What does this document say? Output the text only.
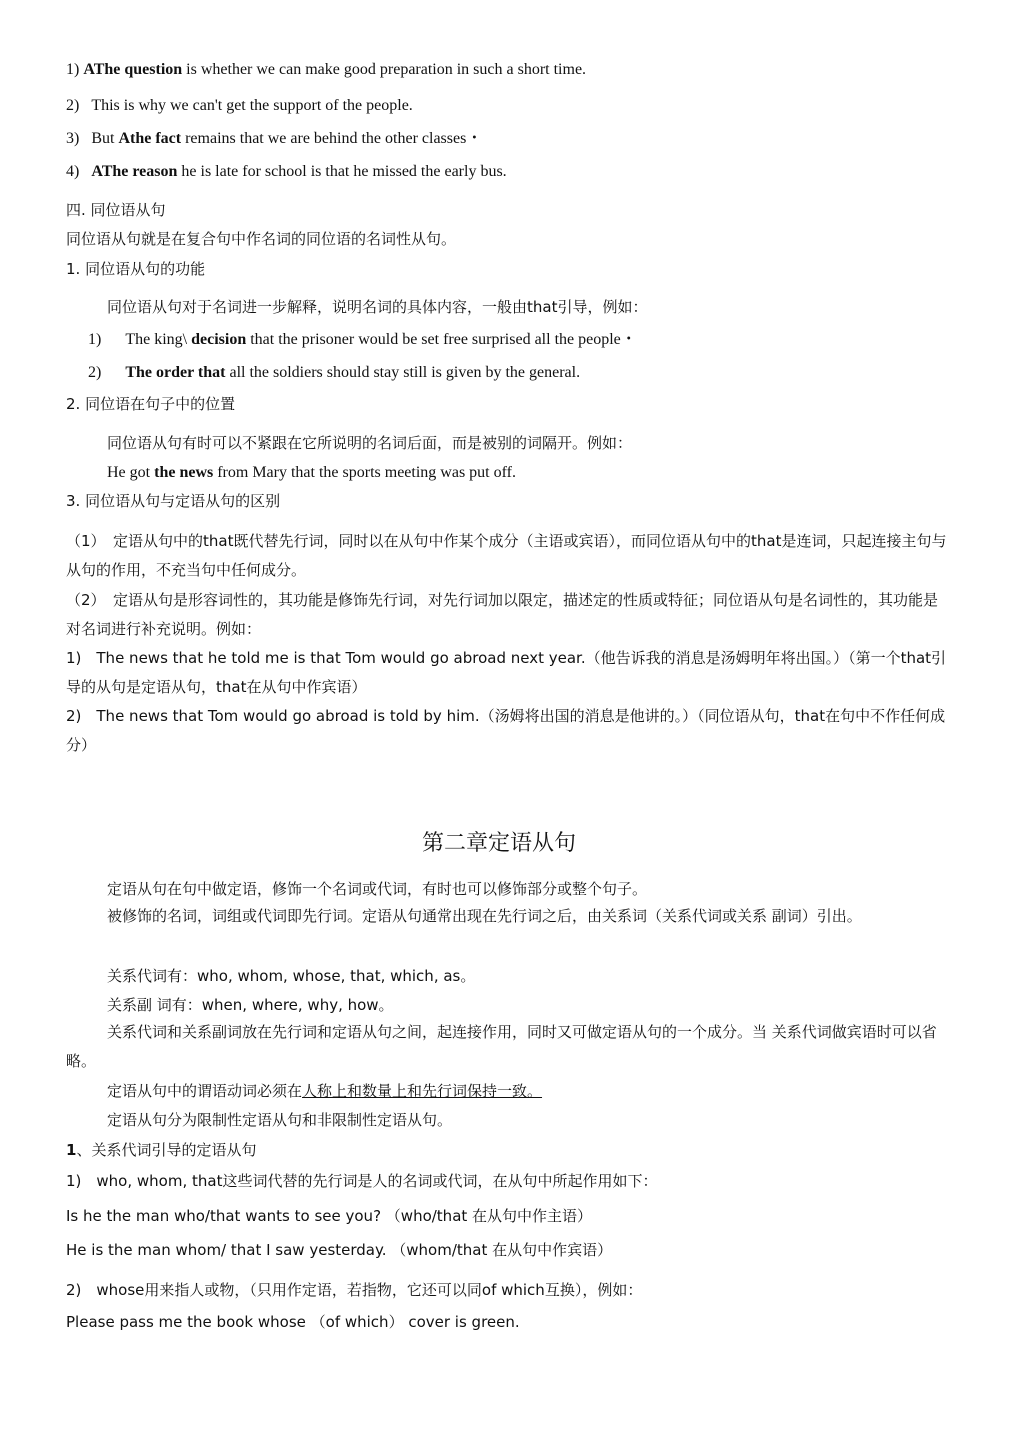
1) AThe question is whether we can make good preparation in such a short time.
2) This is why we can't get the support of the people.
3) But Athe fact remains that we are behind the other classes・
4) AThe reason he is late for school is that he missed the early bus.
四. 同位语从句
同位语从句就是在复合句中作名词的同位语的名词性从句。
1. 同位语从句的功能
同位语从句对于名词进一步解释，说明名词的具体内容，一般由that引导，例如：
1) The king\ decision that the prisoner would be set free surprised all the people・
2) The order that all the soldiers should stay still is given by the general.
2. 同位语在句子中的位置
同位语从句有时可以不紧跟在它所说明的名词后面，而是被别的词隔开。例如：
He got the news from Mary that the sports meeting was put off.
3. 同位语从句与定语从句的区别
（1）　定语从句中的that既代替先行词，同时以在从句中作某个成分（主语或宾语），而同位语从句中的that是连词，只起连接主句与从句的作用，不充当句中任何成分。
（2）　定语从句是形容词性的，其功能是修饰先行词，对先行词加以限定，描述定的性质或特征；同位语从句是名词性的，其功能是对名词进行补充说明。例如：
1)　The news that he told me is that Tom would go abroad next year.（他告诉我的消息是汤姆明年将出国。）（第一个that引导的从句是定语从句，that在从句中作宾语）
2)　The news that Tom would go abroad is told by him.（汤姆将出国的消息是他讲的。）（同位语从句，that在句中不作任何成分）
第二章定语从句
定语从句在句中做定语，修饰一个名词或代词，有时也可以修饰部分或整个句子。
被修饰的名词，词组或代词即先行词。定语从句通常出现在先行词之后，由关系词（关系代词或关系 副词）引出。
关系代词有：who, whom, whose, that, which, as。
关系副 词有：when, where, why, how。
关系代词和关系副词放在先行词和定语从句之间，起连接作用，同时又可做定语从句的一个成分。当 关系代词做宾语时可以省略。
定语从句中的谓语动词必须在人称上和数量上和先行词保持一致。
定语从句分为限制性定语从句和非限制性定语从句。
1、关系代词引导的定语从句
1)　who, whom, that这些词代替的先行词是人的名词或代词，在从句中所起作用如下：
Is he the man who/that wants to see you? （who/that 在从句中作主语）
He is the man whom/ that I saw yesterday. （whom/that 在从句中作宾语）
2)　whose用来指人或物，（只用作定语，若指物，它还可以同of which互换），例如：
Please pass me the book whose （of which） cover is green.
